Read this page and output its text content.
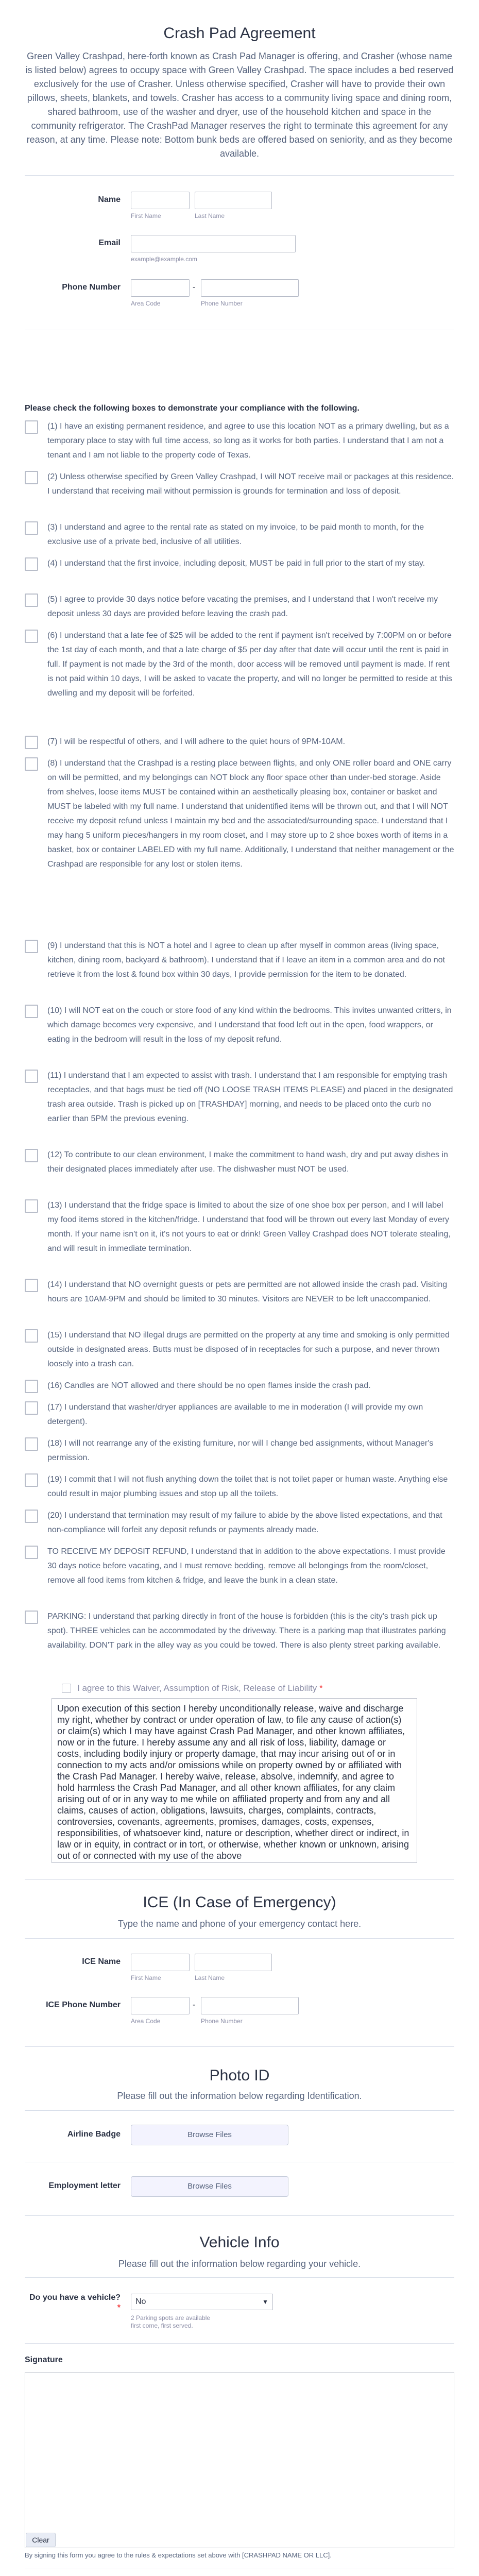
Crash Pad Agreement

Green Valley Crashpad, here-forth known as Crash Pad Manager is offering, and Crasher (whose name is listed below) agrees to occupy space with Green Valley Crashpad. The space includes a bed reserved exclusively for the use of Crasher. Unless otherwise specified, Crasher will have to provide their own pillows, sheets, blankets, and towels. Crasher has access to a community living space and dining room, shared bathroom, use of the washer and dryer, use of the household kitchen and space in the community refrigerator. The CrashPad Manager reserves the right to terminate this agreement for any reason, at any time. Please note: Bottom bunk beds are offered based on seniority, and as they become available.

Name
First Name	Last Name
Email
example@example.com
Phone Number	-
Area Code	Phone Number
Please check the following boxes to demonstrate your compliance with the following.
(1) I have an existing permanent residence, and agree to use this location NOT as a primary dwelling, but as a temporary place to stay with full time access, so long as it works for both parties. I understand that I am not a tenant and I am not liable to the property code of Texas.
(2) Unless otherwise specified by Green Valley Crashpad, I will NOT receive mail or packages at this residence. I understand that receiving mail without permission is grounds for termination and loss of deposit.
(3) I understand and agree to the rental rate as stated on my invoice, to be paid month to month, for the exclusive use of a private bed, inclusive of all utilities.
(4) I understand that the first invoice, including deposit, MUST be paid in full prior to the start of my stay.
(5) I agree to provide 30 days notice before vacating the premises, and I understand that I won't receive my deposit unless 30 days are provided before leaving the crash pad.
(6) I understand that a late fee of $25 will be added to the rent if payment isn't received by 7:00PM on or before the 1st day of each month, and that a late charge of $5 per day after that date will occur until the rent is paid in full. If payment is not made by the 3rd of the month, door access will be removed until payment is made. If rent is not paid within 10 days, I will be asked to vacate the property, and will no longer be permitted to reside at this dwelling and my deposit will be forfeited.
(7) I will be respectful of others, and I will adhere to the quiet hours of 9PM-10AM.
(8) I understand that the Crashpad is a resting place between flights, and only ONE roller board and ONE carry on will be permitted, and my belongings can NOT block any floor space other than under-bed storage. Aside from shelves, loose items MUST be contained within an aesthetically pleasing box, container or basket and MUST be labeled with my full name. I understand that unidentified items will be thrown out, and that I will NOT receive my deposit refund unless I maintain my bed and the associated/surrounding space. I understand that I may hang 5 uniform pieces/hangers in my room closet, and I may store up to 2 shoe boxes worth of items in a basket, box or container LABELED with my full name. Additionally, I understand that neither management or the Crashpad are responsible for any lost or stolen items.
(9) I understand that this is NOT a hotel and I agree to clean up after myself in common areas (living space, kitchen, dining room, backyard & bathroom). I understand that if I leave an item in a common area and do not retrieve it from the lost & found box within 30 days, I provide permission for the item to be donated.
(10) I will NOT eat on the couch or store food of any kind within the bedrooms. This invites unwanted critters, in which damage becomes very expensive, and I understand that food left out in the open, food wrappers, or eating in the bedroom will result in the loss of my deposit refund.
(11) I understand that I am expected to assist with trash. I understand that I am responsible for emptying trash receptacles, and that bags must be tied off (NO LOOSE TRASH ITEMS PLEASE) and placed in the designated trash area outside. Trash is picked up on [TRASHDAY] morning, and needs to be placed onto the curb no earlier than 5PM the previous evening.
(12) To contribute to our clean environment, I make the commitment to hand wash, dry and put away dishes in their designated places immediately after use. The dishwasher must NOT be used.
(13) I understand that the fridge space is limited to about the size of one shoe box per person, and I will label my food items stored in the kitchen/fridge. I understand that food will be thrown out every last Monday of every month. If your name isn't on it, it's not yours to eat or drink! Green Valley Crashpad does NOT tolerate stealing, and will result in immediate termination.
(14) I understand that NO overnight guests or pets are permitted are not allowed inside the crash pad. Visiting hours are 10AM-9PM and should be limited to 30 minutes. Visitors are NEVER to be left unaccompanied.
(15) I understand that NO illegal drugs are permitted on the property at any time and smoking is only permitted outside in designated areas. Butts must be disposed of in receptacles for such a purpose, and never thrown loosely into a trash can.
(16) Candles are NOT allowed and there should be no open flames inside the crash pad.
(17) I understand that washer/dryer appliances are available to me in moderation (I will provide my own detergent).
(18) I will not rearrange any of the existing furniture, nor will I change bed assignments, without Manager's permission.
(19) I commit that I will not flush anything down the toilet that is not toilet paper or human waste. Anything else could result in major plumbing issues and stop up all the toilets.
(20) I understand that termination may result of my failure to abide by the above listed expectations, and that non-compliance will forfeit any deposit refunds or payments already made.
TO RECEIVE MY DEPOSIT REFUND, I understand that in addition to the above expectations. I must provide 30 days notice before vacating, and I must remove bedding, remove all belongings from the room/closet, remove all food items from kitchen & fridge, and leave the bunk in a clean state.
PARKING: I understand that parking directly in front of the house is forbidden (this is the city's trash pick up spot). THREE vehicles can be accommodated by the driveway. There is a parking map that illustrates parking availability. DON'T park in the alley way as you could be towed. There is also plenty street parking available.
I agree to this Waiver, Assumption of Risk, Release of Liability *
Upon execution of this section I hereby unconditionally release, waive and discharge my right, whether by contract or under operation of law, to file any cause of action(s) or claim(s) which I may have against Crash Pad Manager, and other known affiliates, now or in the future. I hereby assume any and all risk of loss, liability, damage or costs, including bodily injury or property damage, that may incur arising out of or in connection to my acts and/or omissions while on property owned by or affiliated with the Crash Pad Manager. I hereby waive, release, absolve, indemnify, and agree to hold harmless the Crash Pad Manager, and all other known affiliates, for any claim arising out of or in any way to me while on affiliated property and from any and all claims, causes of action, obligations, lawsuits, charges, complaints, contracts, controversies, covenants, agreements, promises, damages, costs, expenses, responsibilities, of whatsoever kind, nature or description, whether direct or indirect, in law or in equity, in contract or in tort, or otherwise, whether known or unknown, arising out of or connected with my use of the above
ICE (In Case of Emergency)
Type the name and phone of your emergency contact here.
ICE Name
First Name	Last Name
ICE Phone Number	-
Area Code	Phone Number
Photo ID
Please fill out the information below regarding Identification.
Airline Badge	Browse Files
Employment letter	Browse Files
Vehicle Info
Please fill out the information below regarding your vehicle.
Do you have a vehicle? *
No	▼
2 Parking spots are available first come, first served.
Signature
Clear
By signing this form you agree to the rules & expectations set above with [CRASHPAD NAME OR LLC].
